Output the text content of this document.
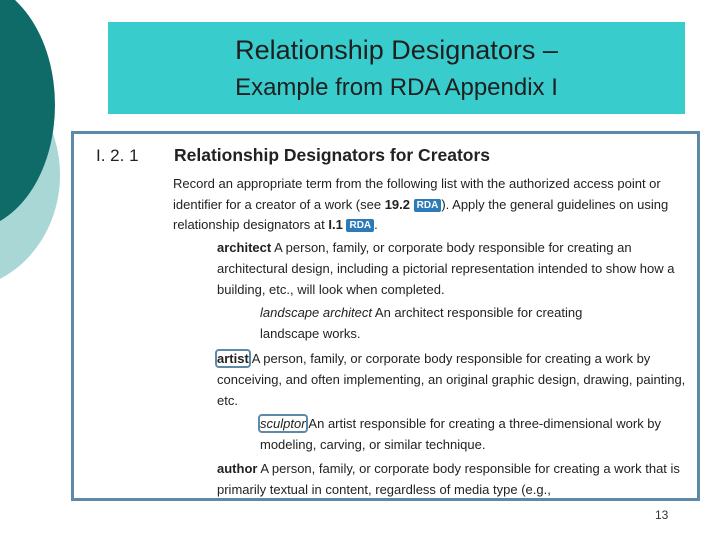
Relationship Designators –
Example from RDA Appendix I
I. 2. 1 Relationship Designators for Creators
Record an appropriate term from the following list with the authorized access point or identifier for a creator of a work (see 19.2 RDA ). Apply the general guidelines on using relationship designators at I.1 RDA .
architect A person, family, or corporate body responsible for creating an architectural design, including a pictorial representation intended to show how a building, etc., will look when completed.
landscape architect An architect responsible for creating landscape works.
artist A person, family, or corporate body responsible for creating a work by conceiving, and often implementing, an original graphic design, drawing, painting, etc.
sculptor An artist responsible for creating a three-dimensional work by modeling, carving, or similar technique.
author A person, family, or corporate body responsible for creating a work that is primarily textual in content, regardless of media type (e.g.,
13
